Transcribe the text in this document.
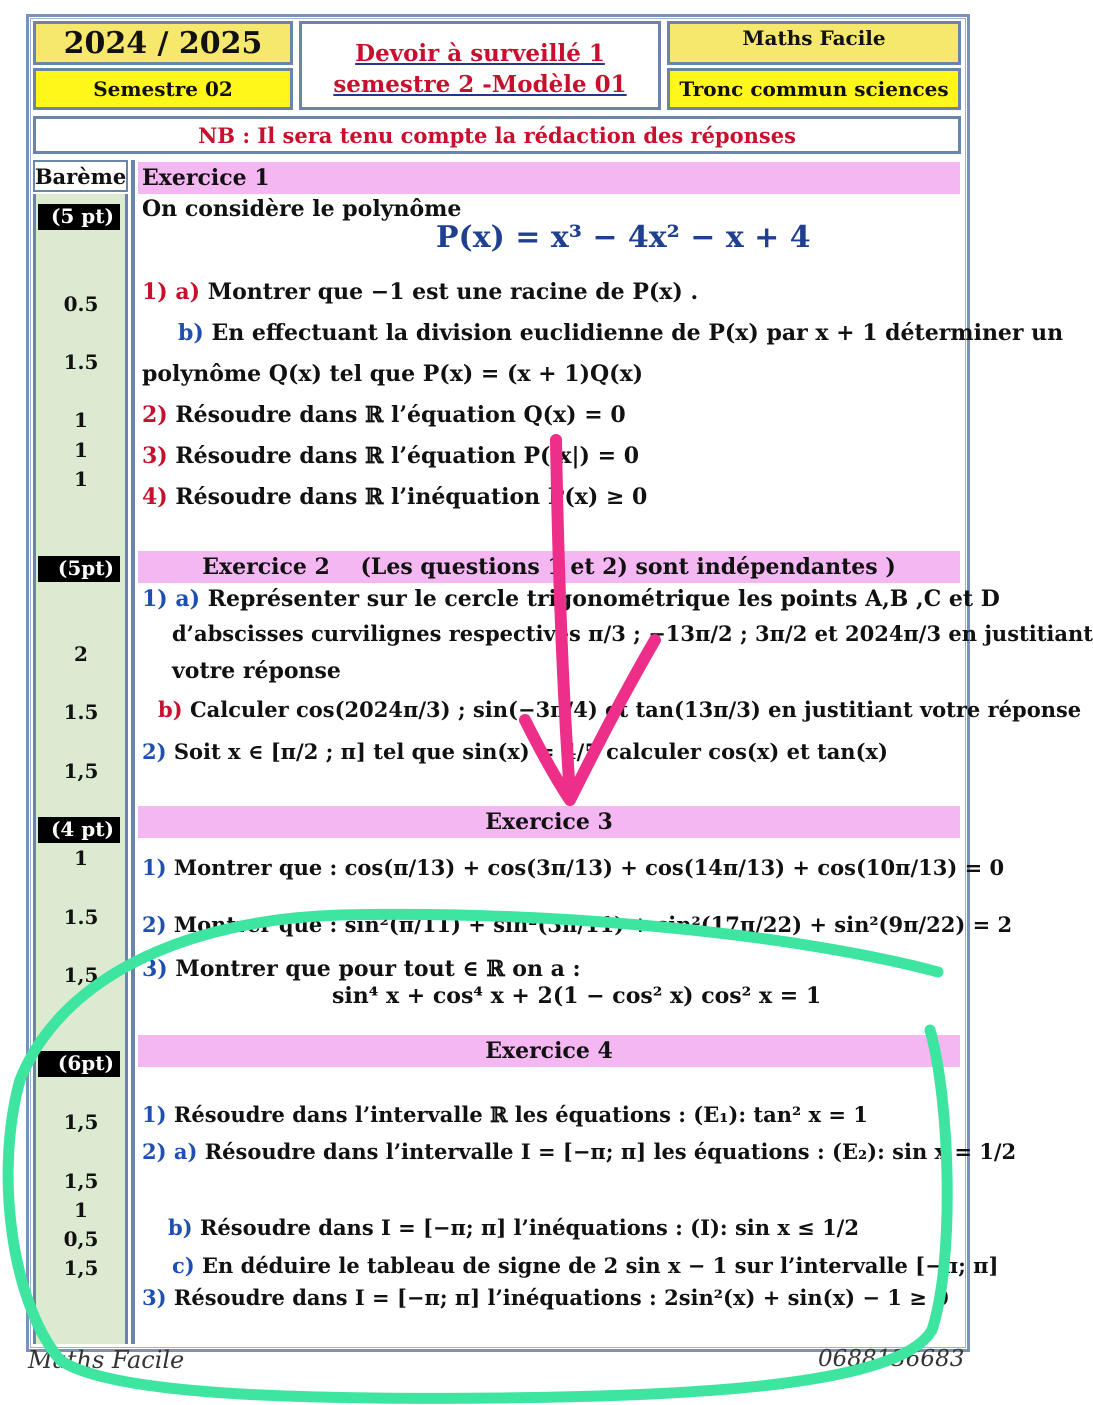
2024 / 2025
Semestre 02
Devoir à surveillé 1
semestre 2 -Modèle 01
Maths Facile
Tronc commun sciences
NB : Il sera tenu compte la rédaction des réponses
Barème Exercice 1
(5 pt) On considère le polynôme
P(x) = x³ − 4x² − x + 4
1) a) Montrer que −1 est une racine de P(x) .
b) En effectuant la division euclidienne de P(x) par x + 1 déterminer un
polynôme Q(x) tel que P(x) = (x + 1)Q(x)
2) Résoudre dans ℝ l’équation Q(x) = 0
3) Résoudre dans ℝ l’équation P(|x|) = 0
4) Résoudre dans ℝ l’inéquation P(x) ≥ 0
0.5
1.5
1
1
1
Exercice 2    (Les questions 1 et 2) sont indépendantes )
(5pt)
1) a) Représenter sur le cercle trigonométrique les points A,B ,C et D
d’abscisses curvilignes respectives π/3 ; −13π/2 ; 3π/2 et 2024π/3 en justitiant
votre réponse
b) Calculer cos(2024π/3) ; sin(−3π/4) et tan(13π/3) en justitiant votre réponse
2) Soit x ∈ [π/2 ; π] tel que sin(x) = 4/5 calculer cos(x) et tan(x)
2
1.5
1,5
Exercice 3
(4 pt)
1) Montrer que : cos(π/13) + cos(3π/13) + cos(14π/13) + cos(10π/13) = 0
2) Montrer que : sin²(π/11) + sin²(3π/11) + sin²(17π/22) + sin²(9π/22) = 2
3) Montrer que pour tout ∈ ℝ on a :
sin⁴ x + cos⁴ x + 2(1 − cos² x) cos² x = 1
1
1.5
1,5
Exercice 4
(6pt)
1) Résoudre dans l’intervalle ℝ les équations : (E₁): tan² x = 1
2) a) Résoudre dans l’intervalle I = [−π; π] les équations : (E₂): sin x = 1/2
b) Résoudre dans I = [−π; π] l’inéquations : (I): sin x ≤ 1/2
c) En déduire le tableau de signe de 2 sin x − 1 sur l’intervalle [−π; π]
3) Résoudre dans I = [−π; π] l’inéquations : 2sin²(x) + sin(x) − 1 ≥ 0
1,5
1,5
1
0,5
1,5
Maths Facile	0688136683
